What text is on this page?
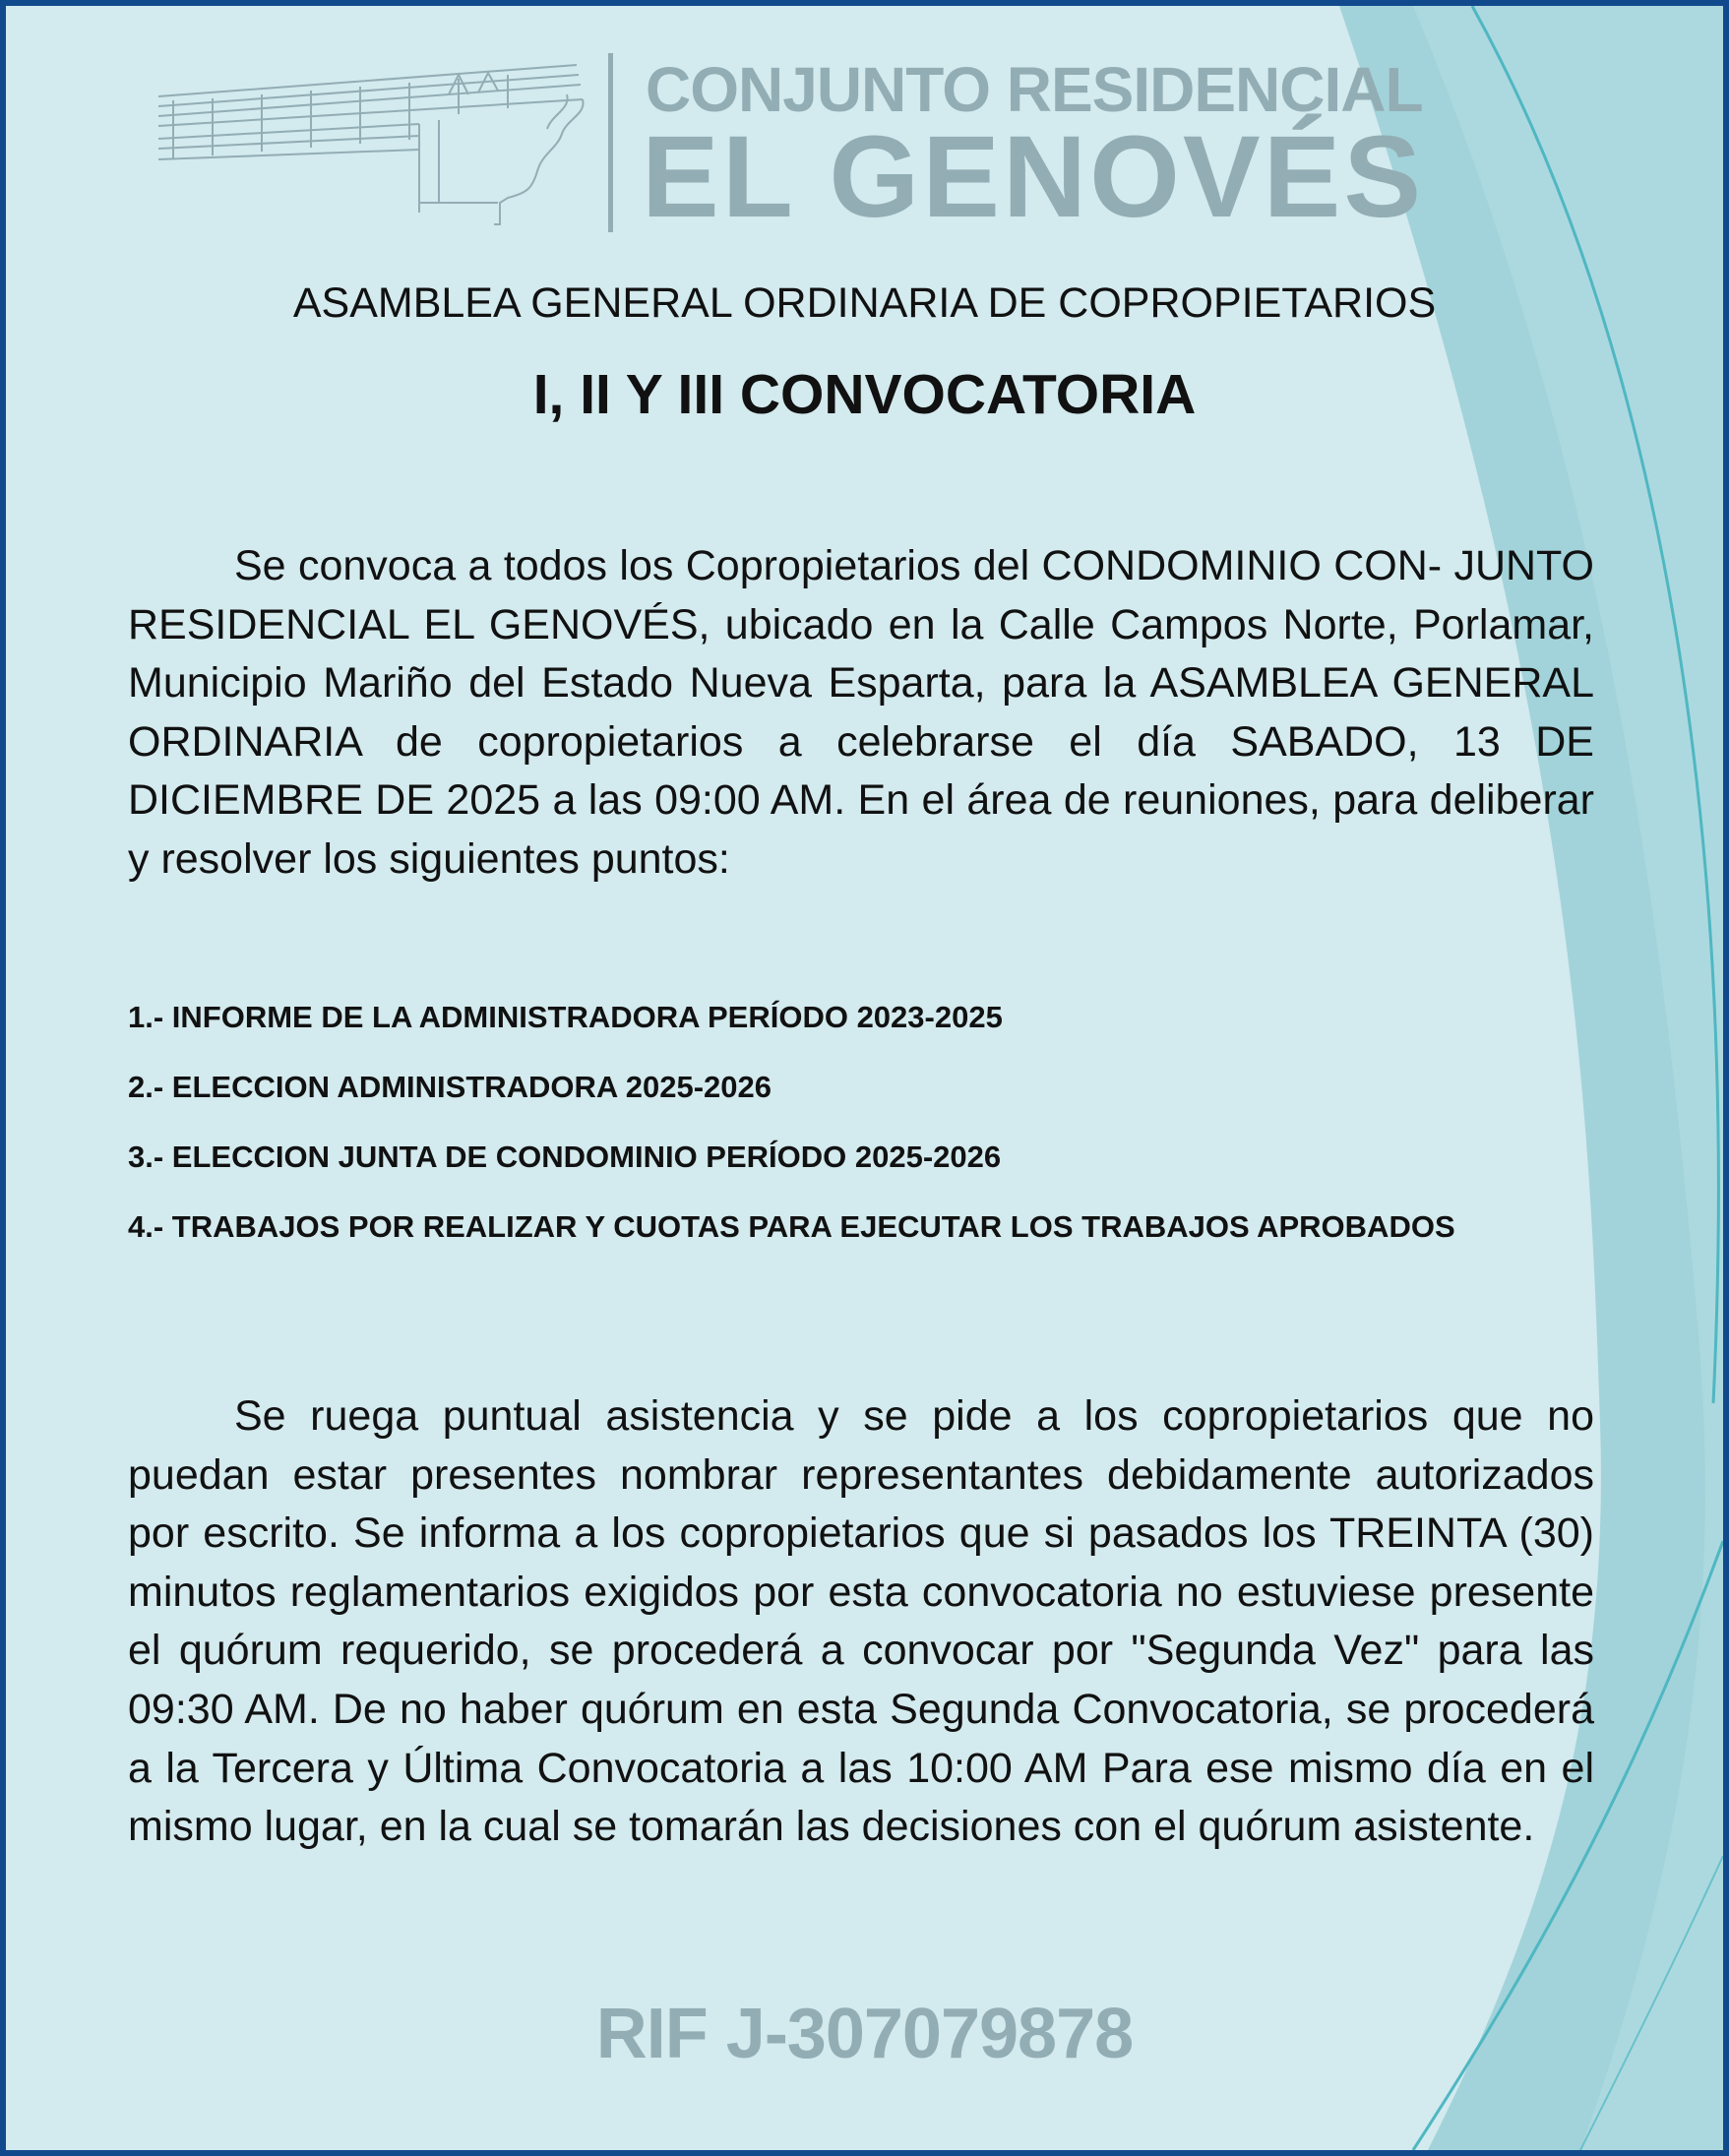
CONJUNTO RESIDENCIAL
EL GENOVÉS
ASAMBLEA GENERAL ORDINARIA DE COPROPIETARIOS
I, II Y III CONVOCATORIA

Se convoca a todos los Copropietarios del CONDOMINIO CON- JUNTO RESIDENCIAL EL GENOVÉS, ubicado en la Calle Campos Norte, Porlamar, Municipio Mariño del Estado Nueva Esparta, para la ASAMBLEA GENERAL ORDINARIA de copropietarios a celebrarse el día SABADO, 13 DE DICIEMBRE DE 2025 a las 09:00 AM. En el área de reuniones, para deliberar y resolver los siguientes puntos:

1.- INFORME DE LA ADMINISTRADORA PERÍODO 2023-2025
2.- ELECCION ADMINISTRADORA 2025-2026
3.- ELECCION JUNTA DE CONDOMINIO PERÍODO 2025-2026
4.- TRABAJOS POR REALIZAR Y CUOTAS PARA EJECUTAR LOS TRABAJOS APROBADOS

Se ruega puntual asistencia y se pide a los copropietarios que no puedan estar presentes nombrar representantes debidamente autorizados por escrito. Se informa a los copropietarios que si pasados los TREINTA (30) minutos reglamentarios exigidos por esta convocatoria no estuviese presente el quórum requerido, se procederá a convocar por "Segunda Vez" para las 09:30 AM. De no haber quórum en esta Segunda Convocatoria, se procederá a la Tercera y Última Convocatoria a las 10:00 AM Para ese mismo día en el mismo lugar, en la cual se tomarán las decisiones con el quórum asistente.

RIF J-307079878
